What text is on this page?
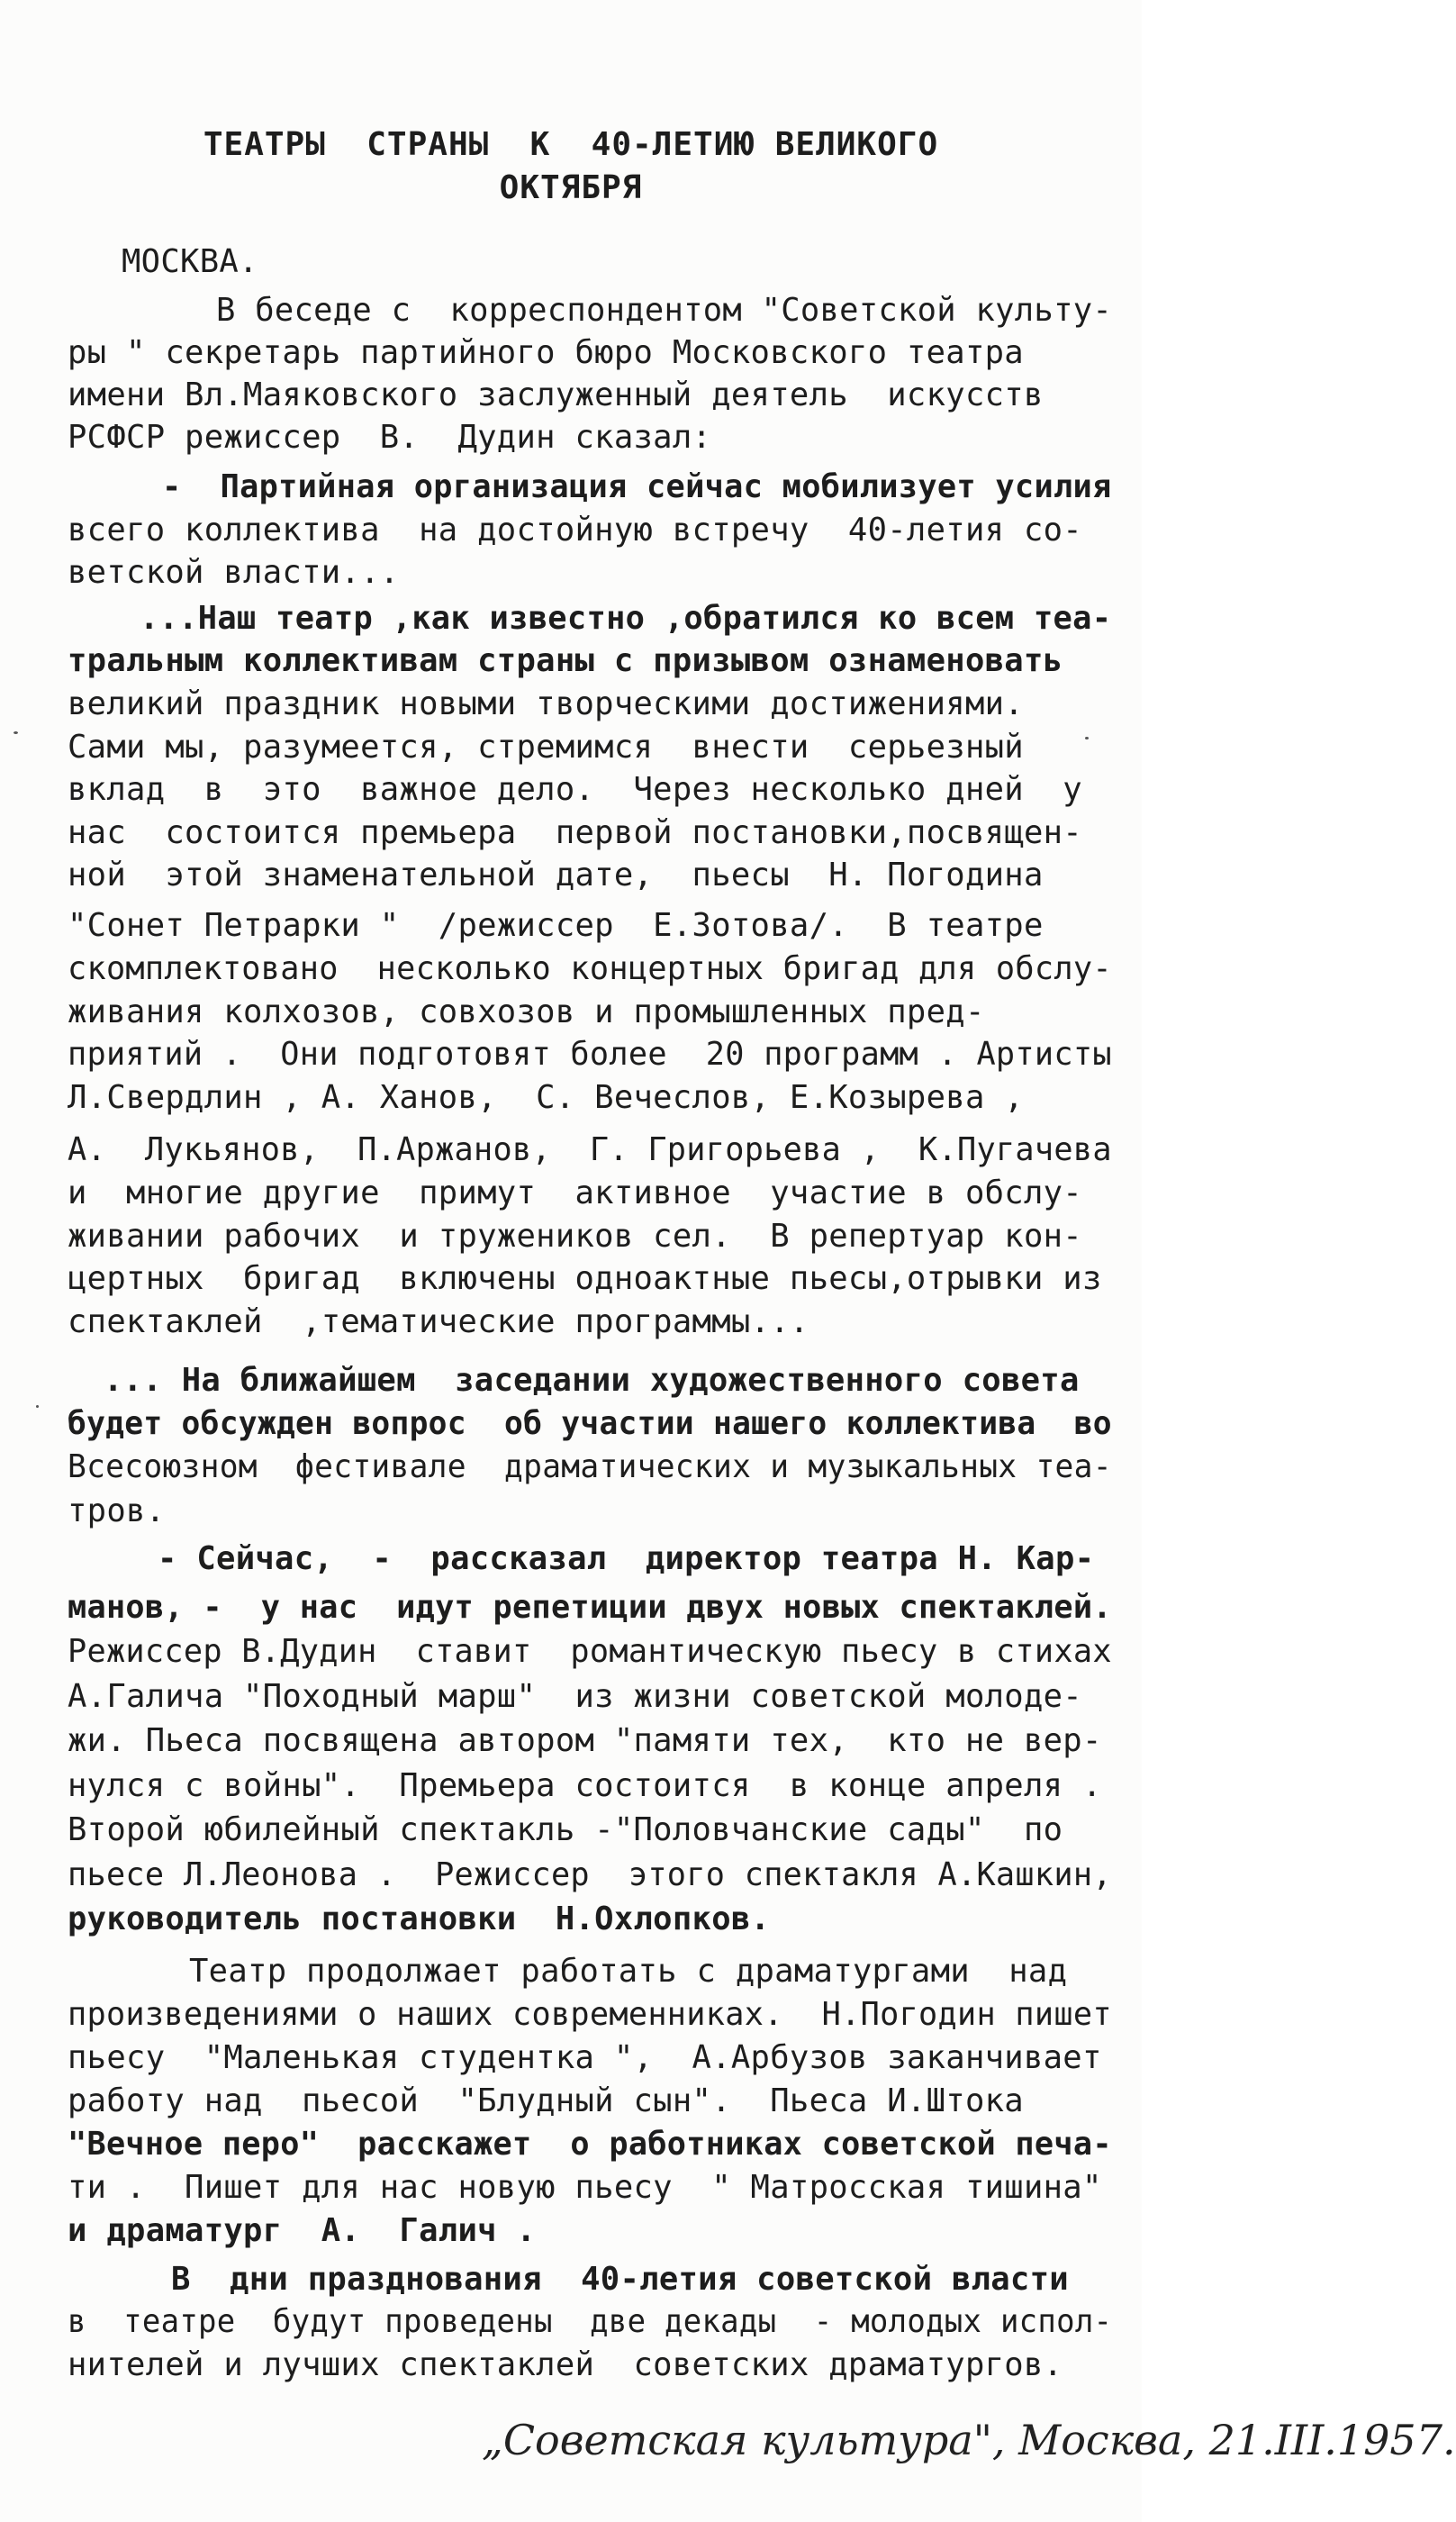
ТЕАТРЫ  СТРАНЫ  К  40-ЛЕТИЮ ВЕЛИКОГО
ОКТЯБРЯ
МОСКВА.
В беседе с  корреспондентом "Советской культу-
ры " секретарь партийного бюро Московского театра
имени Вл.Маяковского заслуженный деятель  искусств
РСФСР режиссер  В.  Дудин сказал:
-  Партийная организация сейчас мобилизует усилия
всего коллектива  на достойную встречу  40-летия со-
ветской власти...
...Наш театр ,как известно ,обратился ко всем теа-
тральным коллективам страны с призывом ознаменовать
великий праздник новыми творческими достижениями.
Сами мы, разумеется, стремимся  внести  серьезный
вклад  в  это  важное дело.  Через несколько дней  у
нас  состоится премьера  первой постановки,посвящен-
ной  этой знаменательной дате,  пьесы  Н. Погодина
"Сонет Петрарки "  /режиссер  Е.Зотова/.  В театре
скомплектовано  несколько концертных бригад для обслу-
живания колхозов, совхозов и промышленных пред-
приятий .  Они подготовят более  20 программ . Артисты
Л.Свердлин , А. Ханов,  С. Вечеслов, Е.Козырева ,
А.  Лукьянов,  П.Аржанов,  Г. Григорьева ,  К.Пугачева
и  многие другие  примут  активное  участие в обслу-
живании рабочих  и тружеников сел.  В репертуар кон-
цертных  бригад  включены одноактные пьесы,отрывки из
спектаклей  ,тематические программы...
... На ближайшем  заседании художественного совета
будет обсужден вопрос  об участии нашего коллектива  во
Всесоюзном  фестивале  драматических и музыкальных теа-
тров.
- Сейчас,  -  рассказал  директор театра Н. Кар-
манов, -  у нас  идут репетиции двух новых спектаклей.
Режиссер В.Дудин  ставит  романтическую пьесу в стихах
А.Галича "Походный марш"  из жизни советской молоде-
жи. Пьеса посвящена автором "памяти тех,  кто не вер-
нулся с войны".  Премьера состоится  в конце апреля .
Второй юбилейный спектакль -"Половчанские сады"  по
пьесе Л.Леонова .  Режиссер  этого спектакля А.Кашкин,
руководитель постановки  Н.Охлопков.
Театр продолжает работать с драматургами  над
произведениями о наших современниках.  Н.Погодин пишет
пьесу  "Маленькая студентка ",  А.Арбузов заканчивает
работу над  пьесой  "Блудный сын".  Пьеса И.Штока
"Вечное перо"  расскажет  о работниках советской печа-
ти .  Пишет для нас новую пьесу  " Матросская тишина"
и драматург  А.  Галич .
В  дни празднования  40-летия советской власти
в  театре  будут проведены  две декады  - молодых испол-
нителей и лучших спектаклей  советских драматургов.
„Советская культура", Москва, 21.III.1957.
